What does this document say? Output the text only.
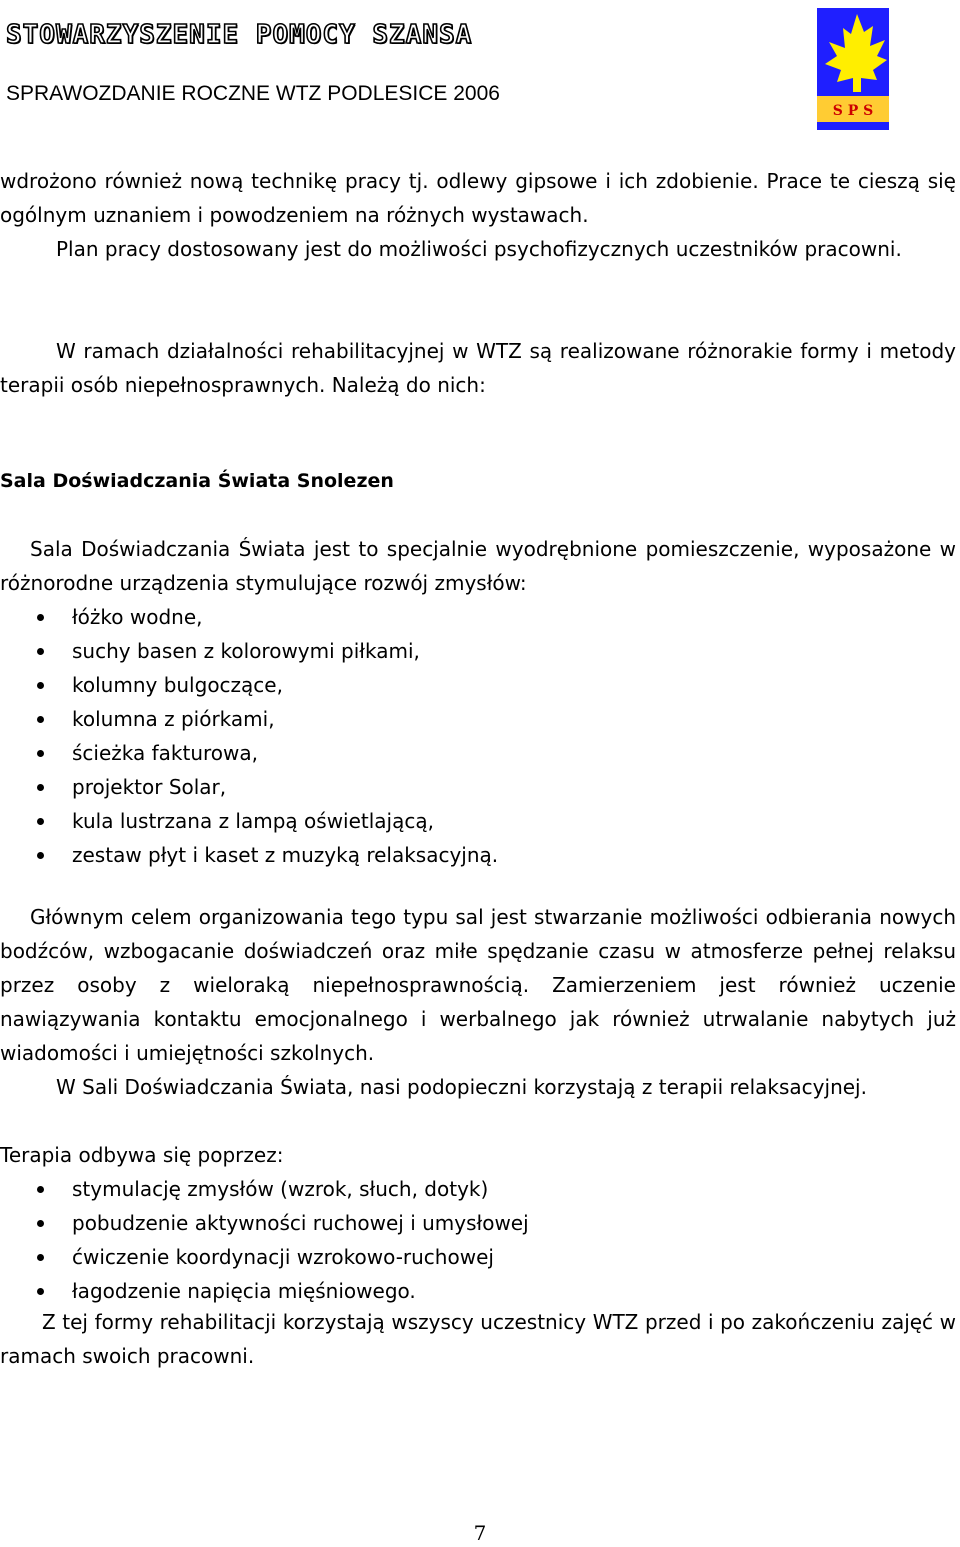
STOWARZYSZENIE POMOCY SZANSA
SPRAWOZDANIE ROCZNE WTZ PODLESICE 2006
S P S

wdrożono również nową technikę pracy tj. odlewy gipsowe i ich zdobienie. Prace te cieszą się ogólnym uznaniem i powodzeniem na różnych wystawach.

Plan pracy dostosowany jest do możliwości psychofizycznych uczestników pracowni.

W ramach działalności rehabilitacyjnej w WTZ są realizowane różnorakie formy i metody terapii osób niepełnosprawnych. Należą do nich:

Sala Doświadczania Świata Snolezen

Sala Doświadczania Świata jest to specjalnie wyodrębnione pomieszczenie, wyposażone w różnorodne urządzenia stymulujące rozwój zmysłów:

łóżko wodne,
suchy basen z kolorowymi piłkami,
kolumny bulgoczące,
kolumna z piórkami,
ścieżka fakturowa,
projektor Solar,
kula lustrzana z lampą oświetlającą,
zestaw płyt i kaset z muzyką relaksacyjną.

Głównym celem organizowania tego typu sal jest stwarzanie możliwości odbierania nowych bodźców, wzbogacanie doświadczeń oraz miłe spędzanie czasu w atmosferze pełnej relaksu przez osoby z wieloraką niepełnosprawnością. Zamierzeniem jest również uczenie nawiązywania kontaktu emocjonalnego i werbalnego jak również utrwalanie nabytych już wiadomości i umiejętności szkolnych.

W Sali Doświadczania Świata, nasi podopieczni korzystają z terapii relaksacyjnej.

Terapia odbywa się poprzez:

stymulację zmysłów (wzrok, słuch, dotyk)
pobudzenie aktywności ruchowej i umysłowej
ćwiczenie koordynacji wzrokowo-ruchowej
łagodzenie napięcia mięśniowego.

Z tej formy rehabilitacji korzystają wszyscy uczestnicy WTZ przed i po zakończeniu zajęć w ramach swoich pracowni.

7
